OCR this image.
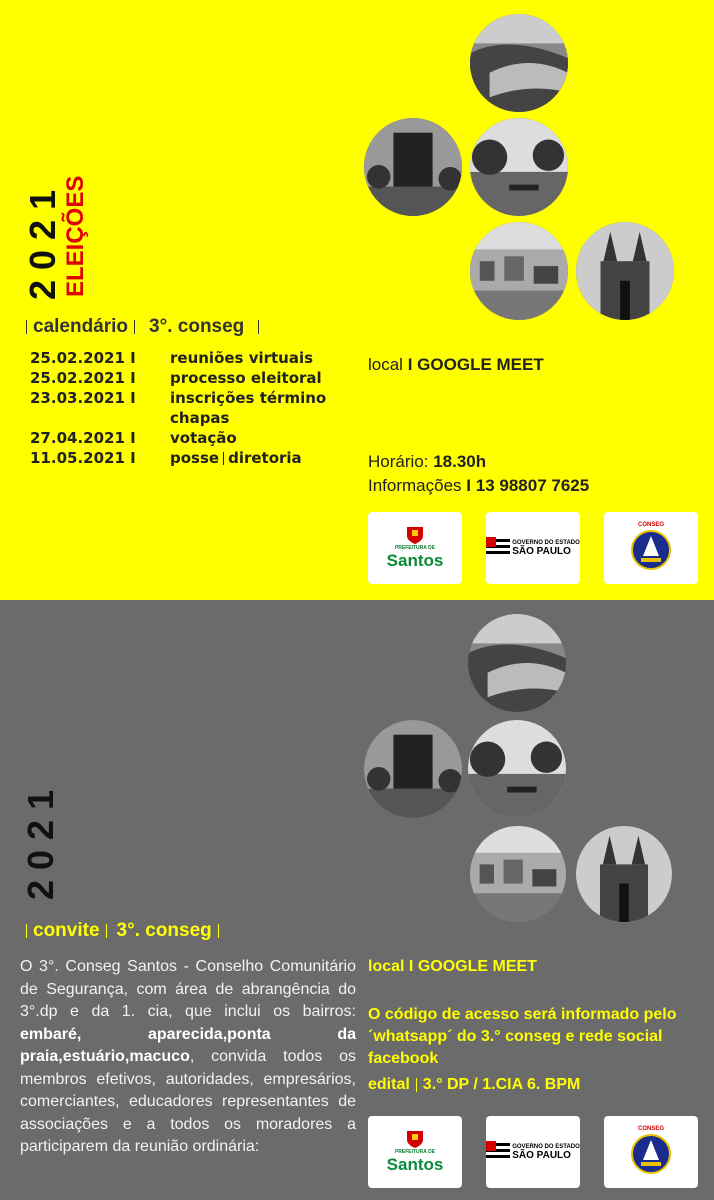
2021 ELEIÇÕES
calendário 3°. conseg
25.02.2021 I	reuniões virtuais
25.02.2021 I	processo eleitoral
23.03.2021 I	inscrições término chapas
27.04.2021 I	votação
11.05.2021 I	posse diretoria
local I GOOGLE MEET
Horário: 18.30h
Informações I 13 98807 7625
PREFEITURA DE
Santos
GOVERNO DO ESTADO
SÃO PAULO
CONSEG
2021
convite 3°. conseg
O 3°. Conseg Santos - Conselho Comunitário de Segurança, com área de abrangência do 3°.dp e da 1. cia, que inclui os bairros: embaré, aparecida,ponta da praia,estuário,macuco, convida todos os membros efetivos, autoridades, empresários, comerciantes, educadores representantes de associações e a todos os moradores a participarem da reunião ordinária:
local I GOOGLE MEET
O código de acesso será informado pelo´whatsapp´ do 3.° conseg e rede social facebook
edital 3.° DP / 1.CIA 6. BPM
PREFEITURA DE
Santos
GOVERNO DO ESTADO
SÃO PAULO
CONSEG
